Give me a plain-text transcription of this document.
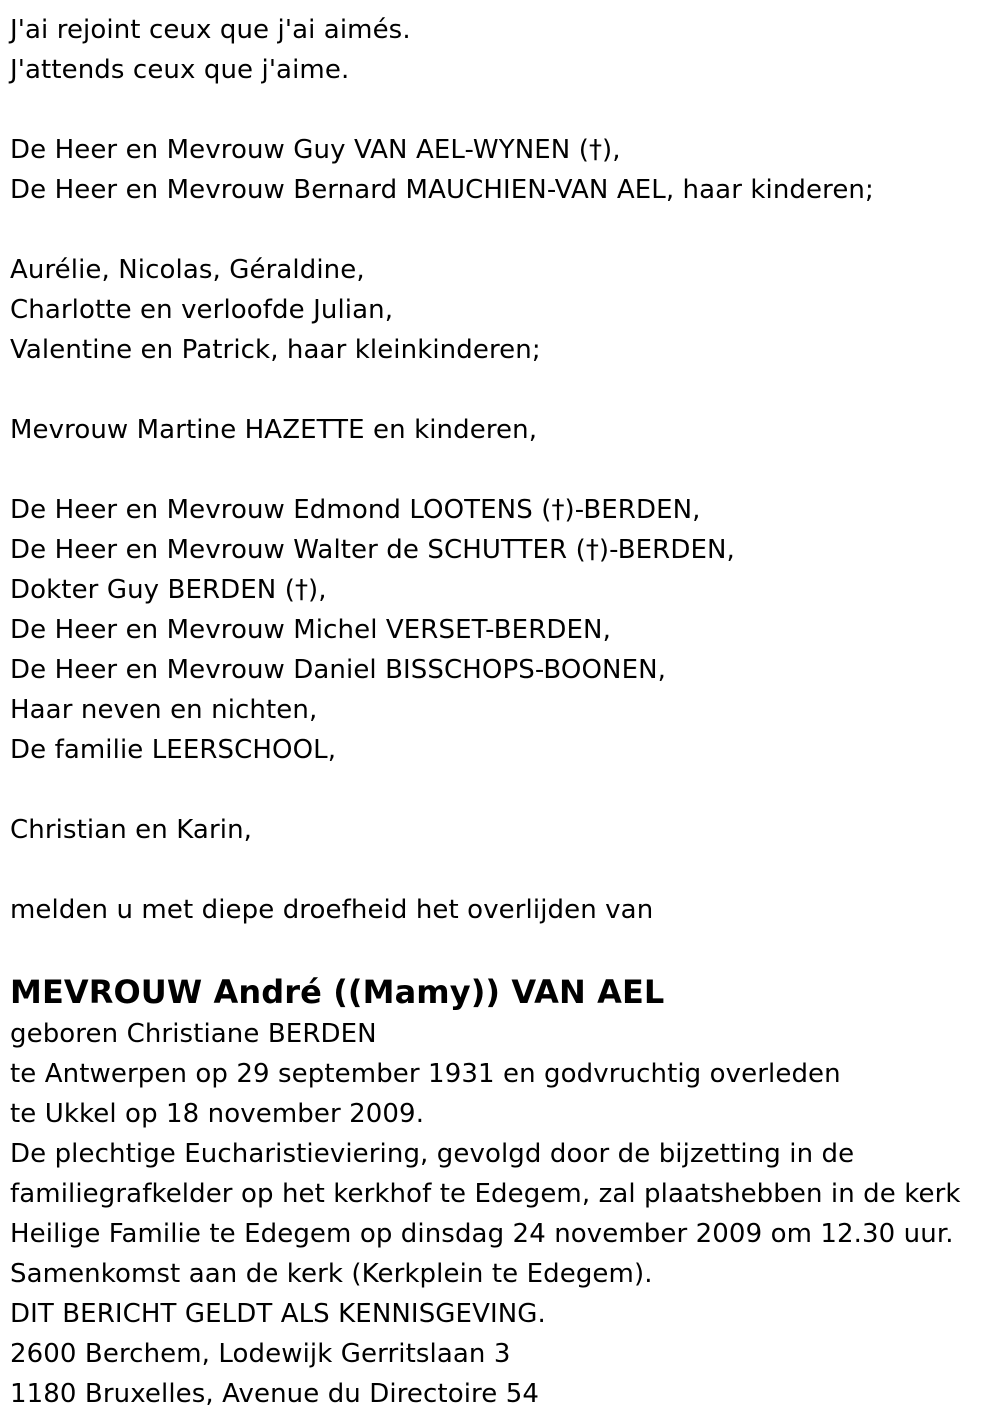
J'ai rejoint ceux que j'ai aimés.
J'attends ceux que j'aime.
De Heer en Mevrouw Guy VAN AEL-WYNEN (†),
De Heer en Mevrouw Bernard MAUCHIEN-VAN AEL, haar kinderen;
Aurélie, Nicolas, Géraldine,
Charlotte en verloofde Julian,
Valentine en Patrick, haar kleinkinderen;
Mevrouw Martine HAZETTE en kinderen,
De Heer en Mevrouw Edmond LOOTENS (†)-BERDEN,
De Heer en Mevrouw Walter de SCHUTTER (†)-BERDEN,
Dokter Guy BERDEN (†),
De Heer en Mevrouw Michel VERSET-BERDEN,
De Heer en Mevrouw Daniel BISSCHOPS-BOONEN,
Haar neven en nichten,
De familie LEERSCHOOL,
Christian en Karin,
melden u met diepe droefheid het overlijden van
MEVROUW André ((Mamy)) VAN AEL
geboren Christiane BERDEN
te Antwerpen op 29 september 1931 en godvruchtig overleden
te Ukkel op 18 november 2009.
De plechtige Eucharistieviering, gevolgd door de bijzetting in de
familiegrafkelder op het kerkhof te Edegem, zal plaatshebben in de kerk
Heilige Familie te Edegem op dinsdag 24 november 2009 om 12.30 uur.
Samenkomst aan de kerk (Kerkplein te Edegem).
DIT BERICHT GELDT ALS KENNISGEVING.
2600 Berchem, Lodewijk Gerritslaan 3
1180 Bruxelles, Avenue du Directoire 54
